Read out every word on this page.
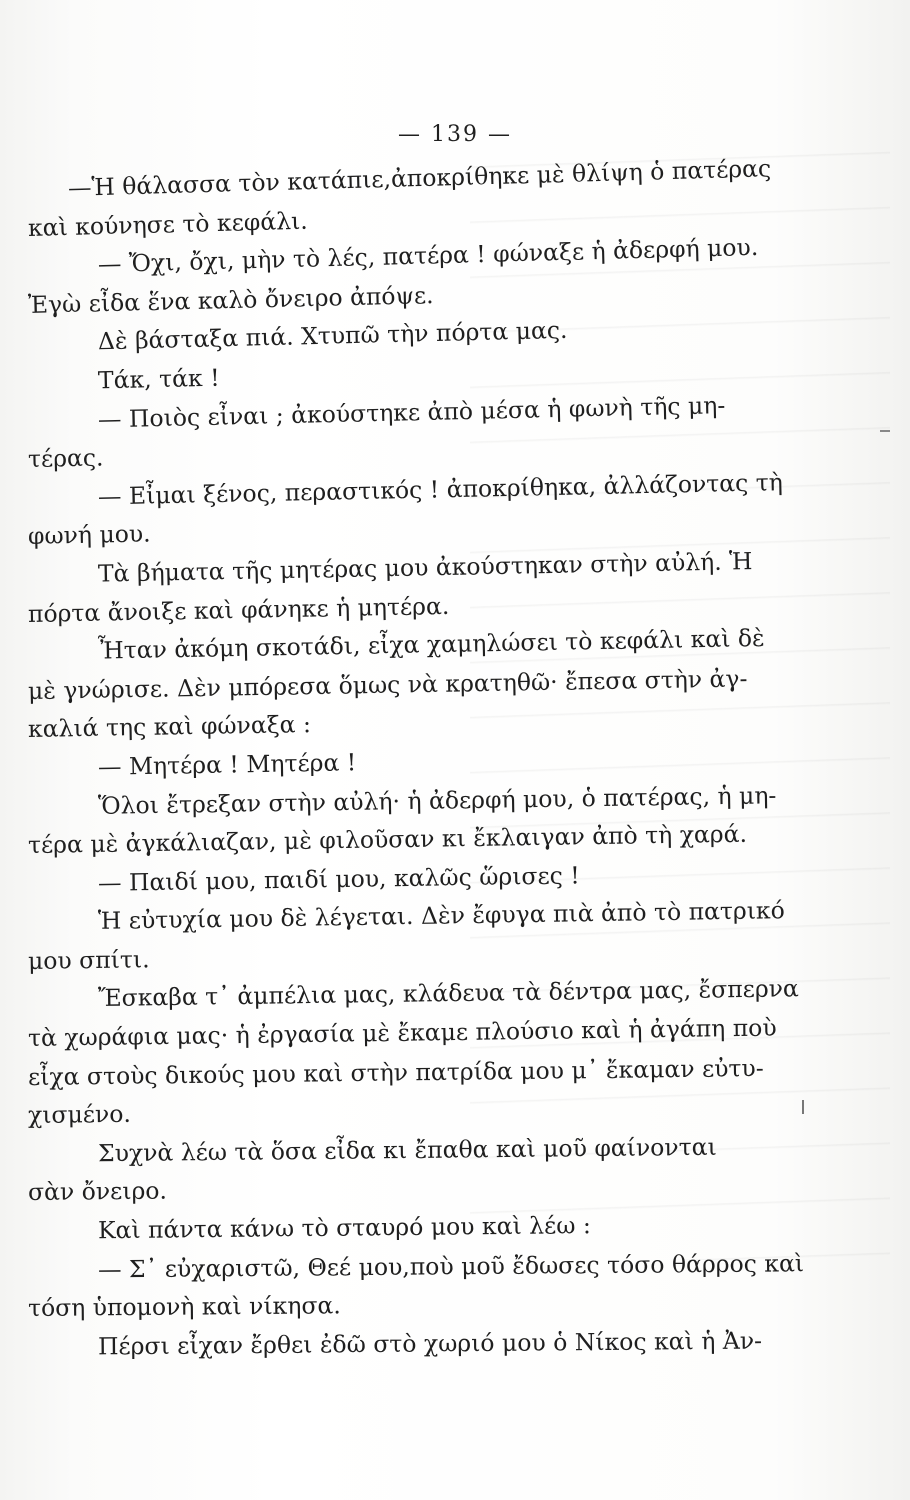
— 139 —
—Ἡ θάλασσα τὸν κατάπιε,ἀποκρίθηκε μὲ θλίψη ὁ πατέρας
καὶ κούνησε τὸ κεφάλι.
— Ὄχι, ὄχι, μὴν τὸ λές, πατέρα ! φώναξε ἡ ἀδερφή μου.
Ἐγὼ εἶδα ἕνα καλὸ ὄνειρο ἀπόψε.
Δὲ βάσταξα πιά. Χτυπῶ τὴν πόρτα μας.
Τάκ, τάκ !
— Ποιὸς εἶναι ; ἀκούστηκε ἀπὸ μέσα ἡ φωνὴ τῆς μη-
τέρας.
— Εἶμαι ξένος, περαστικός ! ἀποκρίθηκα, ἀλλάζοντας τὴ
φωνή μου.
Τὰ βήματα τῆς μητέρας μου ἀκούστηκαν στὴν αὐλή. Ἡ
πόρτα ἄνοιξε καὶ φάνηκε ἡ μητέρα.
Ἦταν ἀκόμη σκοτάδι, εἶχα χαμηλώσει τὸ κεφάλι καὶ δὲ
μὲ γνώρισε. Δὲν μπόρεσα ὅμως νὰ κρατηθῶ· ἔπεσα στὴν ἀγ-
καλιά της καὶ φώναξα :
— Μητέρα ! Μητέρα !
Ὅλοι ἔτρεξαν στὴν αὐλή· ἡ ἀδερφή μου, ὁ πατέρας, ἡ μη-
τέρα μὲ ἀγκάλιαζαν, μὲ φιλοῦσαν κι ἔκλαιγαν ἀπὸ τὴ χαρά.
— Παιδί μου, παιδί μου, καλῶς ὥρισες !
Ἡ εὐτυχία μου δὲ λέγεται. Δὲν ἔφυγα πιὰ ἀπὸ τὸ πατρικό
μου σπίτι.
Ἔσκαβα τ᾽ ἀμπέλια μας, κλάδευα τὰ δέντρα μας, ἔσπερνα
τὰ χωράφια μας· ἡ ἐργασία μὲ ἔκαμε πλούσιο καὶ ἡ ἀγάπη ποὺ
εἶχα στοὺς δικούς μου καὶ στὴν πατρίδα μου μ᾽ ἔκαμαν εὐτυ-
χισμένο.
Συχνὰ λέω τὰ ὅσα εἶδα κι ἔπαθα καὶ μοῦ φαίνονται
σὰν ὄνειρο.
Καὶ πάντα κάνω τὸ σταυρό μου καὶ λέω :
— Σ᾽ εὐχαριστῶ, Θεέ μου,ποὺ μοῦ ἔδωσες τόσο θάρρος καὶ
τόση ὑπομονὴ καὶ νίκησα.
Πέρσι εἶχαν ἔρθει ἐδῶ στὸ χωριό μου ὁ Νίκος καὶ ἡ Ἀν-
